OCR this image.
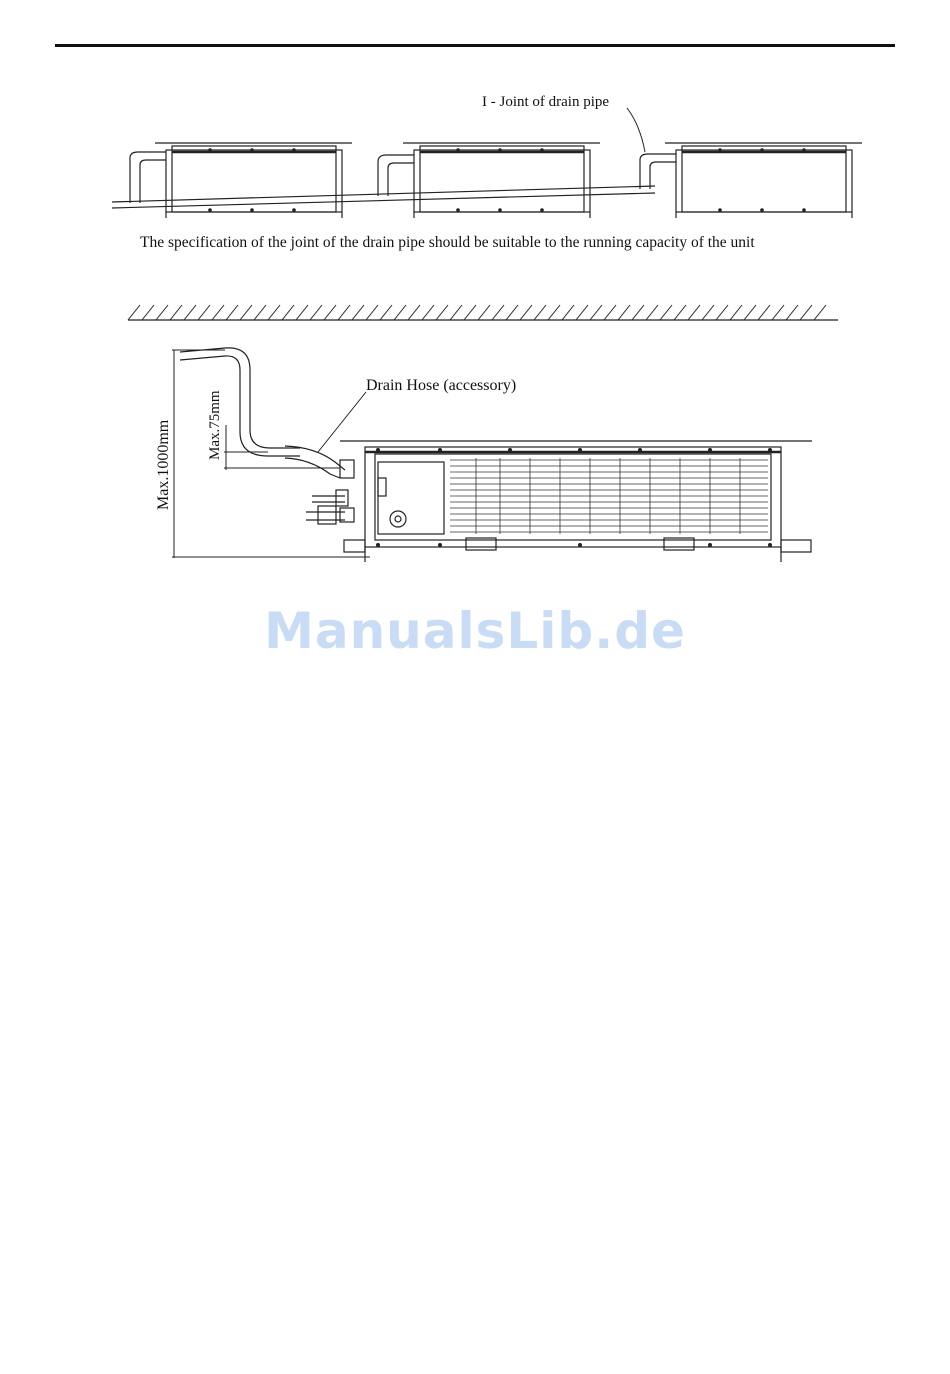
I - Joint of drain pipe
The specification of the joint of the drain pipe should be suitable to the running capacity of the unit
Drain Hose (accessory)
Max.1000mm Max.75mm
ManualsLib.de
